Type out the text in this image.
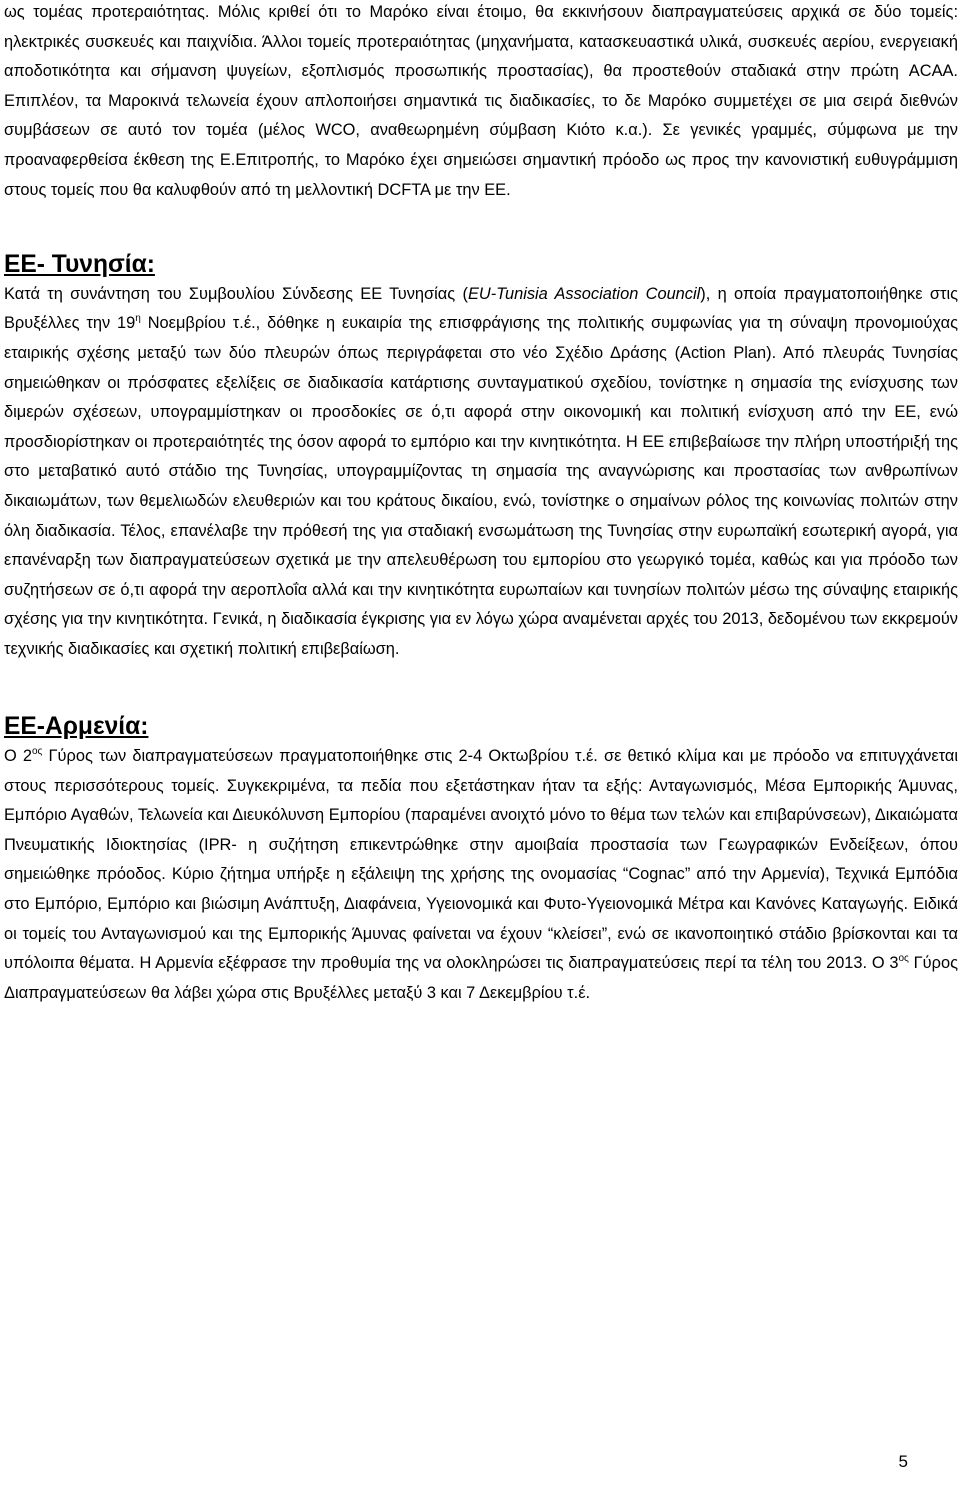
ως τομέας προτεραιότητας. Μόλις κριθεί ότι το Μαρόκο είναι έτοιμο, θα εκκινήσουν διαπραγματεύσεις αρχικά σε δύο τομείς: ηλεκτρικές συσκευές και παιχνίδια. Άλλοι τομείς προτεραιότητας (μηχανήματα, κατασκευαστικά υλικά, συσκευές αερίου, ενεργειακή αποδοτικότητα και σήμανση ψυγείων, εξοπλισμός προσωπικής προστασίας), θα προστεθούν σταδιακά στην πρώτη ACAA. Επιπλέον, τα Μαροκινά τελωνεία έχουν απλοποιήσει σημαντικά τις διαδικασίες, το δε Μαρόκο συμμετέχει σε μια σειρά διεθνών συμβάσεων σε αυτό τον τομέα (μέλος WCO, αναθεωρημένη σύμβαση Κιότο κ.α.). Σε γενικές γραμμές, σύμφωνα με την προαναφερθείσα έκθεση της Ε.Επιτροπής, το Μαρόκο έχει σημειώσει σημαντική πρόοδο ως προς την κανονιστική ευθυγράμμιση στους τομείς που θα καλυφθούν από τη μελλοντική DCFTA με την ΕΕ.

ΕΕ- Τυνησία:

Κατά τη συνάντηση του Συμβουλίου Σύνδεσης ΕΕ Τυνησίας (EU-Tunisia Association Council), η οποία πραγματοποιήθηκε στις Βρυξέλλες την $19^\eta$ Νοεμβρίου τ.έ., δόθηκε η ευκαιρία της επισφράγισης της πολιτικής συμφωνίας για τη σύναψη προνομιούχας εταιρικής σχέσης μεταξύ των δύο πλευρών όπως περιγράφεται στο νέο Σχέδιο Δράσης (Action Plan). Από πλευράς Τυνησίας σημειώθηκαν οι πρόσφατες εξελίξεις σε διαδικασία κατάρτισης συνταγματικού σχεδίου, τονίστηκε η σημασία της ενίσχυσης των διμερών σχέσεων, υπογραμμίστηκαν οι προσδοκίες σε ό,τι αφορά στην οικονομική και πολιτική ενίσχυση από την ΕΕ, ενώ προσδιορίστηκαν οι προτεραιότητές της όσον αφορά το εμπόριο και την κινητικότητα. Η ΕΕ επιβεβαίωσε την πλήρη υποστήριξή της στο μεταβατικό αυτό στάδιο της Τυνησίας, υπογραμμίζοντας τη σημασία της αναγνώρισης και προστασίας των ανθρωπίνων δικαιωμάτων, των θεμελιωδών ελευθεριών και του κράτους δικαίου, ενώ, τονίστηκε ο σημαίνων ρόλος της κοινωνίας πολιτών στην όλη διαδικασία. Τέλος, επανέλαβε την πρόθεσή της για σταδιακή ενσωμάτωση της Τυνησίας στην ευρωπαϊκή εσωτερική αγορά, για επανέναρξη των διαπραγματεύσεων σχετικά με την απελευθέρωση του εμπορίου στο γεωργικό τομέα, καθώς και για πρόοδο των συζητήσεων σε ό,τι αφορά την αεροπλοΐα αλλά και την κινητικότητα ευρωπαίων και τυνησίων πολιτών μέσω της σύναψης εταιρικής σχέσης για την κινητικότητα. Γενικά, η διαδικασία έγκρισης για εν λόγω χώρα αναμένεται αρχές του 2013, δεδομένου των εκκρεμούν τεχνικής διαδικασίες και σχετική πολιτική επιβεβαίωση.

ΕΕ-Αρμενία:

Ο $2^{o\varsigma}$ Γύρος των διαπραγματεύσεων πραγματοποιήθηκε στις 2-4 Οκτωβρίου τ.έ. σε θετικό κλίμα και με πρόοδο να επιτυγχάνεται στους περισσότερους τομείς. Συγκεκριμένα, τα πεδία που εξετάστηκαν ήταν τα εξής: Ανταγωνισμός, Μέσα Εμπορικής Άμυνας, Εμπόριο Αγαθών, Τελωνεία και Διευκόλυνση Εμπορίου (παραμένει ανοιχτό μόνο το θέμα των τελών και επιβαρύνσεων), Δικαιώματα Πνευματικής Ιδιοκτησίας (IPR- η συζήτηση επικεντρώθηκε στην αμοιβαία προστασία των Γεωγραφικών Ενδείξεων, όπου σημειώθηκε πρόοδος. Κύριο ζήτημα υπήρξε η εξάλειψη της χρήσης της ονομασίας “Cognac” από την Αρμενία), Τεχνικά Εμπόδια στο Εμπόριο, Εμπόριο και βιώσιμη Ανάπτυξη, Διαφάνεια, Υγειονομικά και Φυτο-Υγειονομικά Μέτρα και Κανόνες Καταγωγής. Ειδικά οι τομείς του Ανταγωνισμού και της Εμπορικής Άμυνας φαίνεται να έχουν “κλείσει”, ενώ σε ικανοποιητικό στάδιο βρίσκονται και τα υπόλοιπα θέματα. Η Αρμενία εξέφρασε την προθυμία της να ολοκληρώσει τις διαπραγματεύσεις περί τα τέλη του 2013. Ο $3^{o\varsigma}$ Γύρος Διαπραγματεύσεων θα λάβει χώρα στις Βρυξέλλες μεταξύ 3 και 7 Δεκεμβρίου τ.έ.

5
